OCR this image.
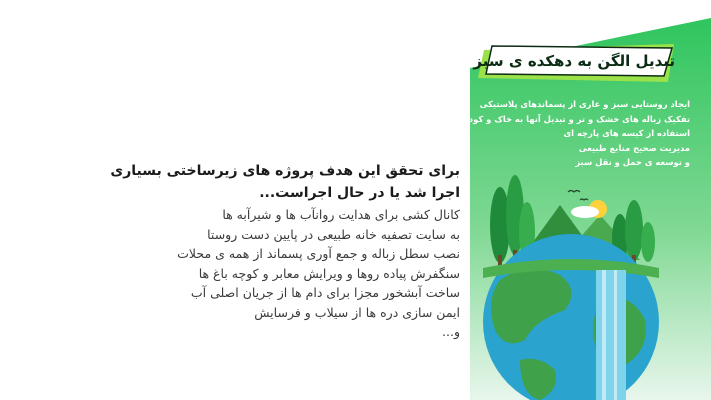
تبدیل الگن به دهکده ی سبز
ایجاد روستایی سبز و عاری از پسماندهای پلاستیکی
تفکیک زباله های خشک و تر و تبدیل آنها به خاک و کود
استفاده از کیسه های پارچه ای
مدیریت صحیح منابع طبیعی
و توسعه ی حمل و نقل سبز
برای تحقق این هدف پروژه های زیرساختی بسیاری
اجرا شد یا در حال اجراست...
کانال کشی برای هدایت روانآب ها و شیرآبه ها
به سایت تصفیه خانه طبیعی در پایین دست روستا
نصب سطل زباله و جمع آوری پسماند از همه ی محلات
سنگفرش پیاده روها و ویرایش معابر و کوچه باغ ها
ساخت آبشخور مجزا برای دام ها از جریان اصلی آب
ایمن سازی دره ها از سیلاب و فرسایش
و...
